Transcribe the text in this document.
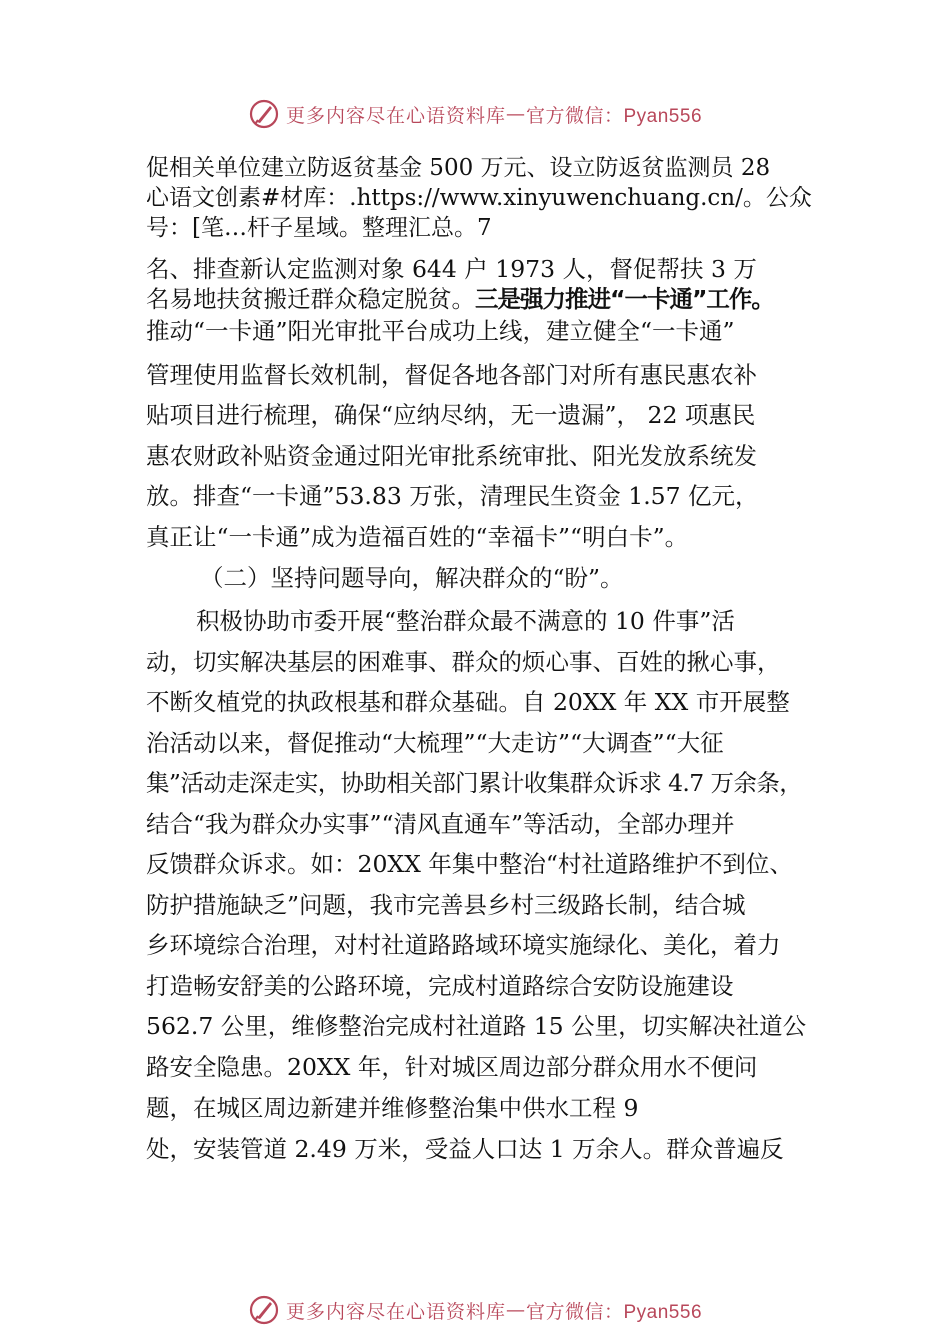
更多内容尽在心语资料库 — 官方微信：Pyan556
促相关单位建立防返贫基金 500 万元、设立防返贫监测员 28
心语文创素#材库：.https://www.xinyuwenchuang.cn/。公众
号：[笔…杆子星域。整理汇总。7
名、排查新认定监测对象 644 户 1973 人，督促帮扶 3 万
名易地扶贫搬迁群众稳定脱贫。三是强力推进“一卡通”工作。
推动“一卡通”阳光审批平台成功上线，建立健全“一卡通”
管理使用监督长效机制，督促各地各部门对所有惠民惠农补
贴项目进行梳理，确保“应纳尽纳，无一遗漏”， 22 项惠民
惠农财政补贴资金通过阳光审批系统审批、阳光发放系统发
放。排查“一卡通”53.83 万张，清理民生资金 1.57 亿元，
真正让“一卡通”成为造福百姓的“幸福卡”“明白卡”。
（二）坚持问题导向，解决群众的“盼”。
积极协助市委开展“整治群众最不满意的 10 件事”活
动，切实解决基层的困难事、群众的烦心事、百姓的揪心事，
不断⼢植党的执政根基和群众基础。自 20XX 年 XX 市开展整
治活动以来，督促推动“大梳理”“大走访”“大调查”“大征
集”活动走深走实，协助相关部门累计收集群众诉求 4.7 万余条，
结合“我为群众办实事”“清风直通车”等活动，全部办理并
反馈群众诉求。如：20XX 年集中整治“村社道路维护不到位、
防护措施缺乏”问题，我市完善县乡村三级路长制，结合城
乡环境综合治理，对村社道路路域环境实施绿化、美化，着力
打造畅安舒美的公路环境，完成村道路综合安防设施建设
562.7 公里，维修整治完成村社道路 15 公里，切实解决社道公
路安全隐患。20XX 年，针对城区周边部分群众用水不便问
题，在城区周边新建并维修整治集中供水工程 9
处，安装管道 2.49 万米，受益人口达 1 万余人。群众普遍反
更多内容尽在心语资料库 — 官方微信：Pyan556
